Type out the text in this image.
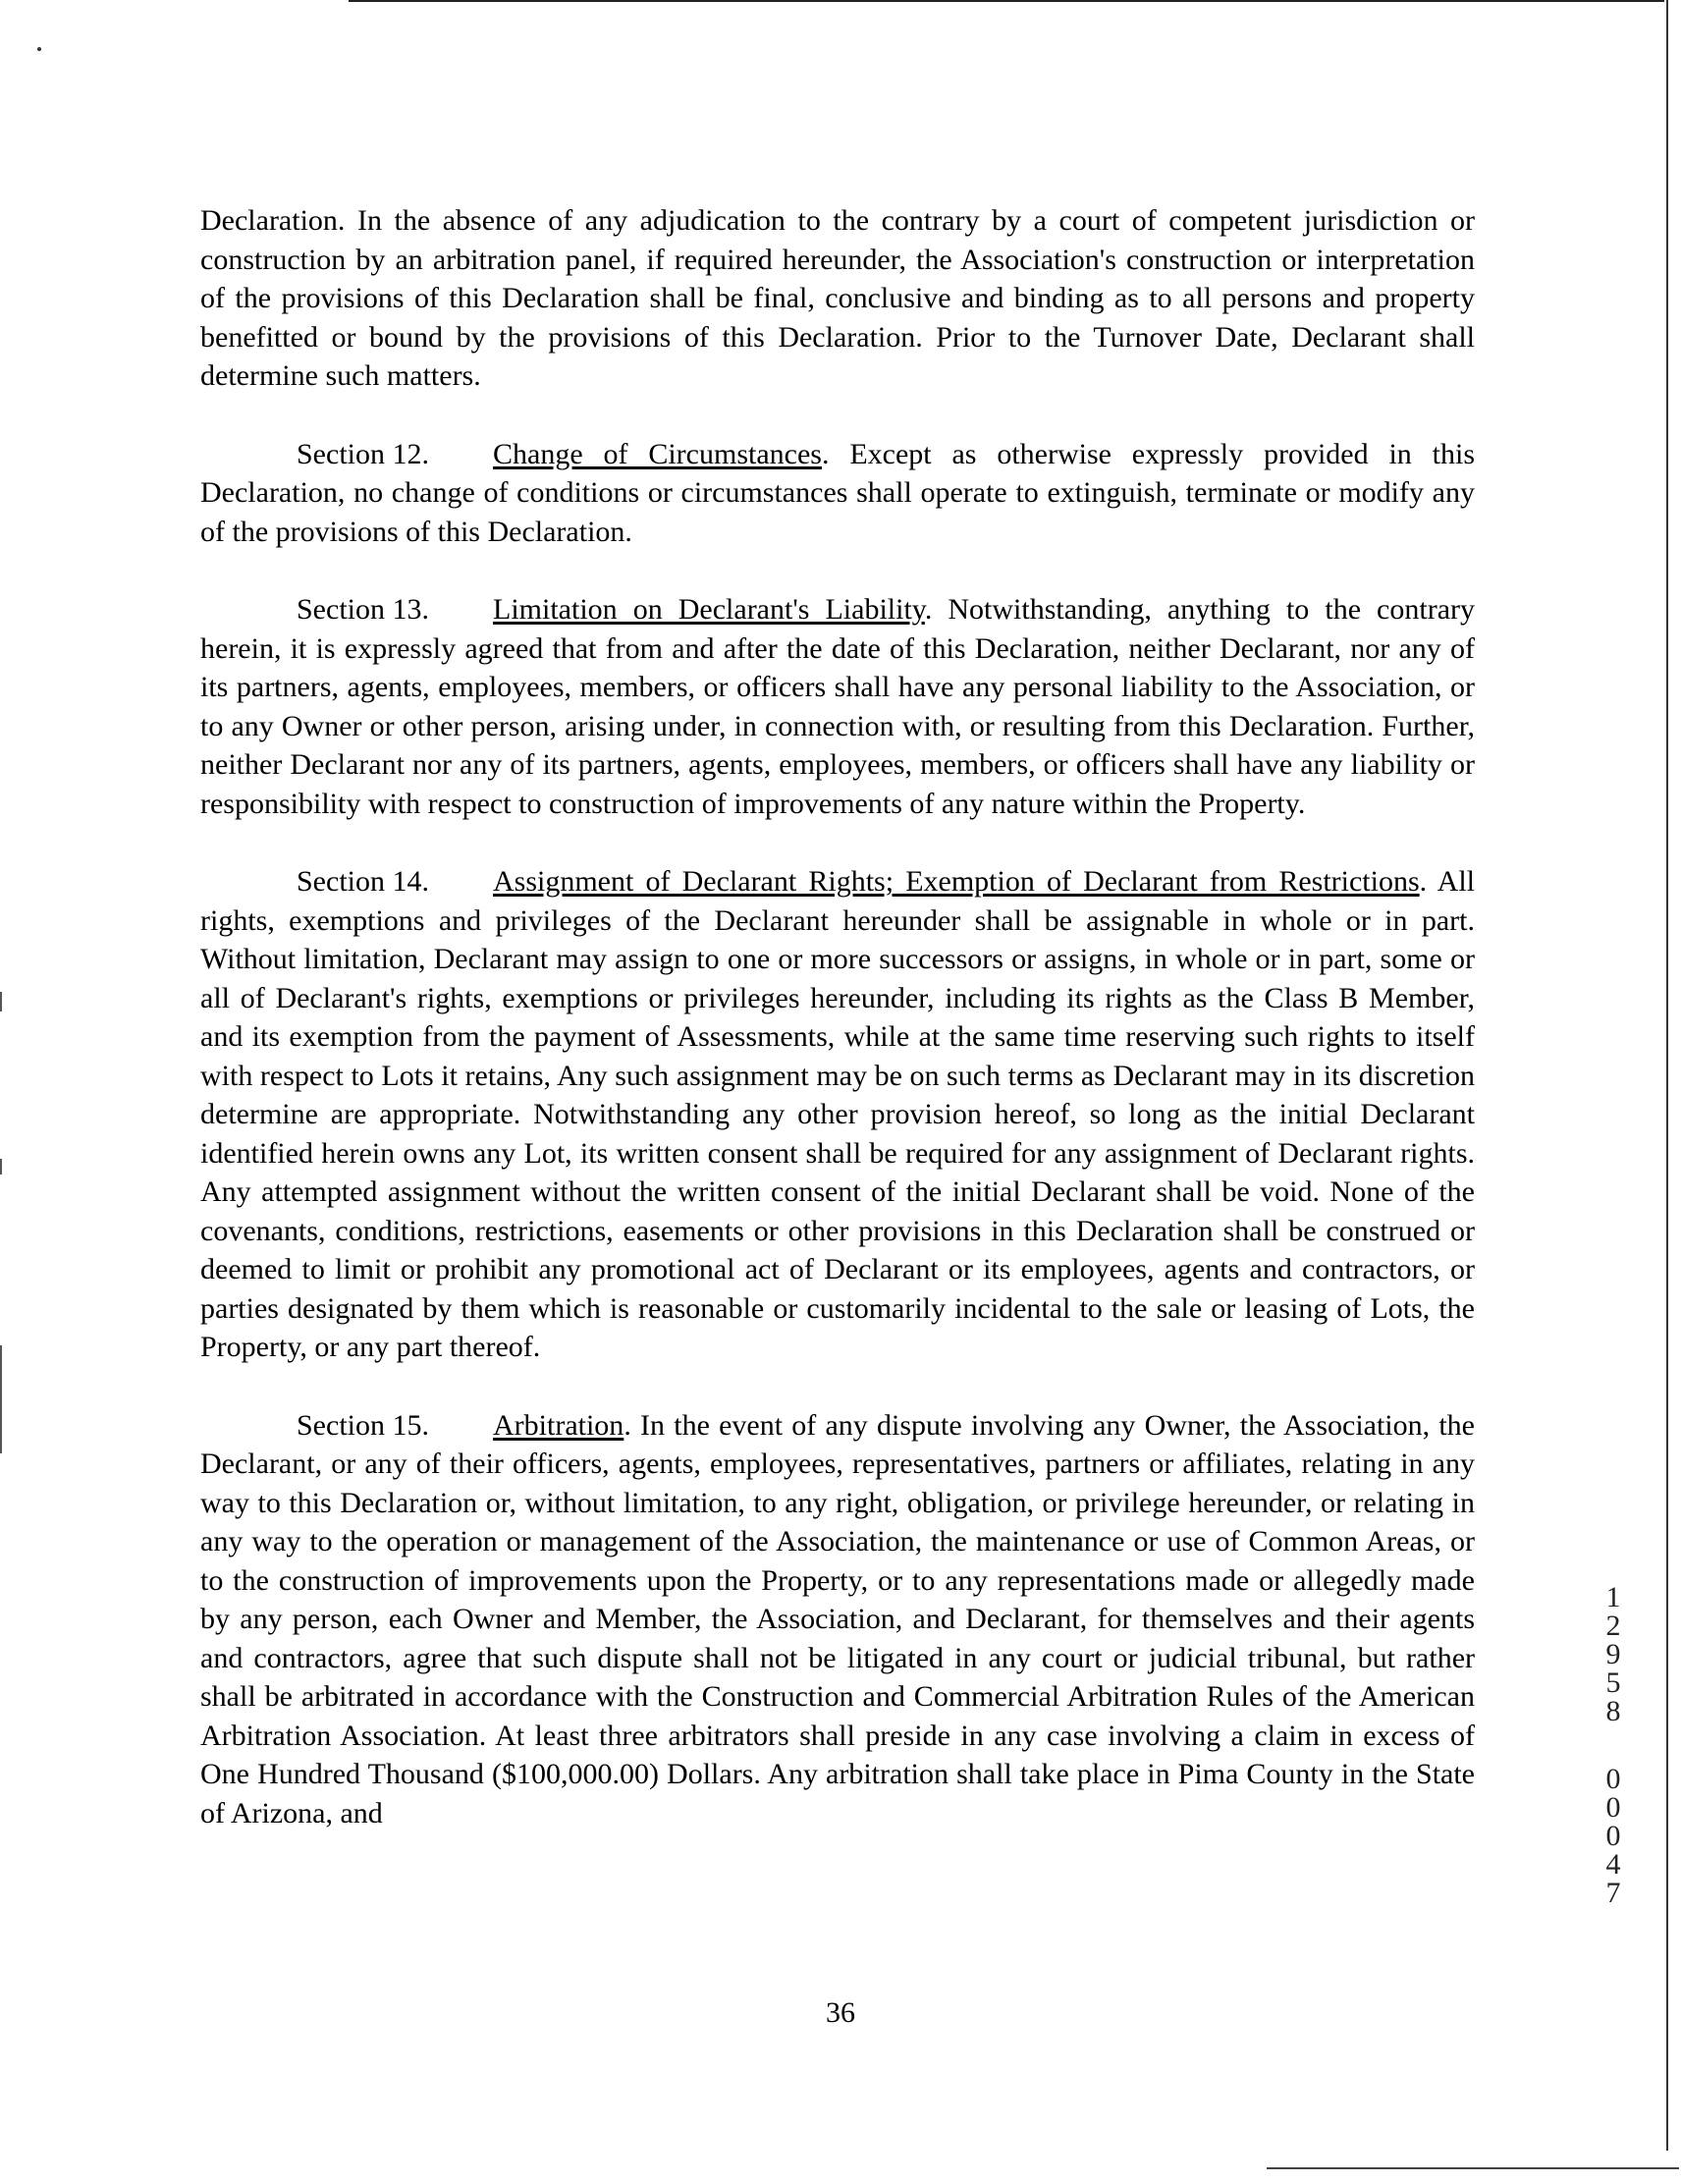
Declaration. In the absence of any adjudication to the contrary by a court of competent jurisdiction or construction by an arbitration panel, if required hereunder, the Association's construction or interpretation of the provisions of this Declaration shall be final, conclusive and binding as to all persons and property benefitted or bound by the provisions of this Declaration. Prior to the Turnover Date, Declarant shall determine such matters.

Section 12. Change of Circumstances. Except as otherwise expressly provided in this Declaration, no change of conditions or circumstances shall operate to extinguish, terminate or modify any of the provisions of this Declaration.

Section 13. Limitation on Declarant's Liability. Notwithstanding, anything to the contrary herein, it is expressly agreed that from and after the date of this Declaration, neither Declarant, nor any of its partners, agents, employees, members, or officers shall have any personal liability to the Association, or to any Owner or other person, arising under, in connection with, or resulting from this Declaration. Further, neither Declarant nor any of its partners, agents, employees, members, or officers shall have any liability or responsibility with respect to construction of improvements of any nature within the Property.

Section 14. Assignment of Declarant Rights; Exemption of Declarant from Restrictions. All rights, exemptions and privileges of the Declarant hereunder shall be assignable in whole or in part. Without limitation, Declarant may assign to one or more successors or assigns, in whole or in part, some or all of Declarant's rights, exemptions or privileges hereunder, including its rights as the Class B Member, and its exemption from the payment of Assessments, while at the same time reserving such rights to itself with respect to Lots it retains, Any such assignment may be on such terms as Declarant may in its discretion determine are appropriate. Notwithstanding any other provision hereof, so long as the initial Declarant identified herein owns any Lot, its written consent shall be required for any assignment of Declarant rights. Any attempted assignment without the written consent of the initial Declarant shall be void. None of the covenants, conditions, restrictions, easements or other provisions in this Declaration shall be construed or deemed to limit or prohibit any promotional act of Declarant or its employees, agents and contractors, or parties designated by them which is reasonable or customarily incidental to the sale or leasing of Lots, the Property, or any part thereof.

Section 15. Arbitration. In the event of any dispute involving any Owner, the Association, the Declarant, or any of their officers, agents, employees, representatives, partners or affiliates, relating in any way to this Declaration or, without limitation, to any right, obligation, or privilege hereunder, or relating in any way to the operation or management of the Association, the maintenance or use of Common Areas, or to the construction of improvements upon the Property, or to any representations made or allegedly made by any person, each Owner and Member, the Association, and Declarant, for themselves and their agents and contractors, agree that such dispute shall not be litigated in any court or judicial tribunal, but rather shall be arbitrated in accordance with the Construction and Commercial Arbitration Rules of the American Arbitration Association. At least three arbitrators shall preside in any case involving a claim in excess of One Hundred Thousand ($100,000.00) Dollars. Any arbitration shall take place in Pima County in the State of Arizona, and

36
1
2
9
5
8
0
0
0
4
7
